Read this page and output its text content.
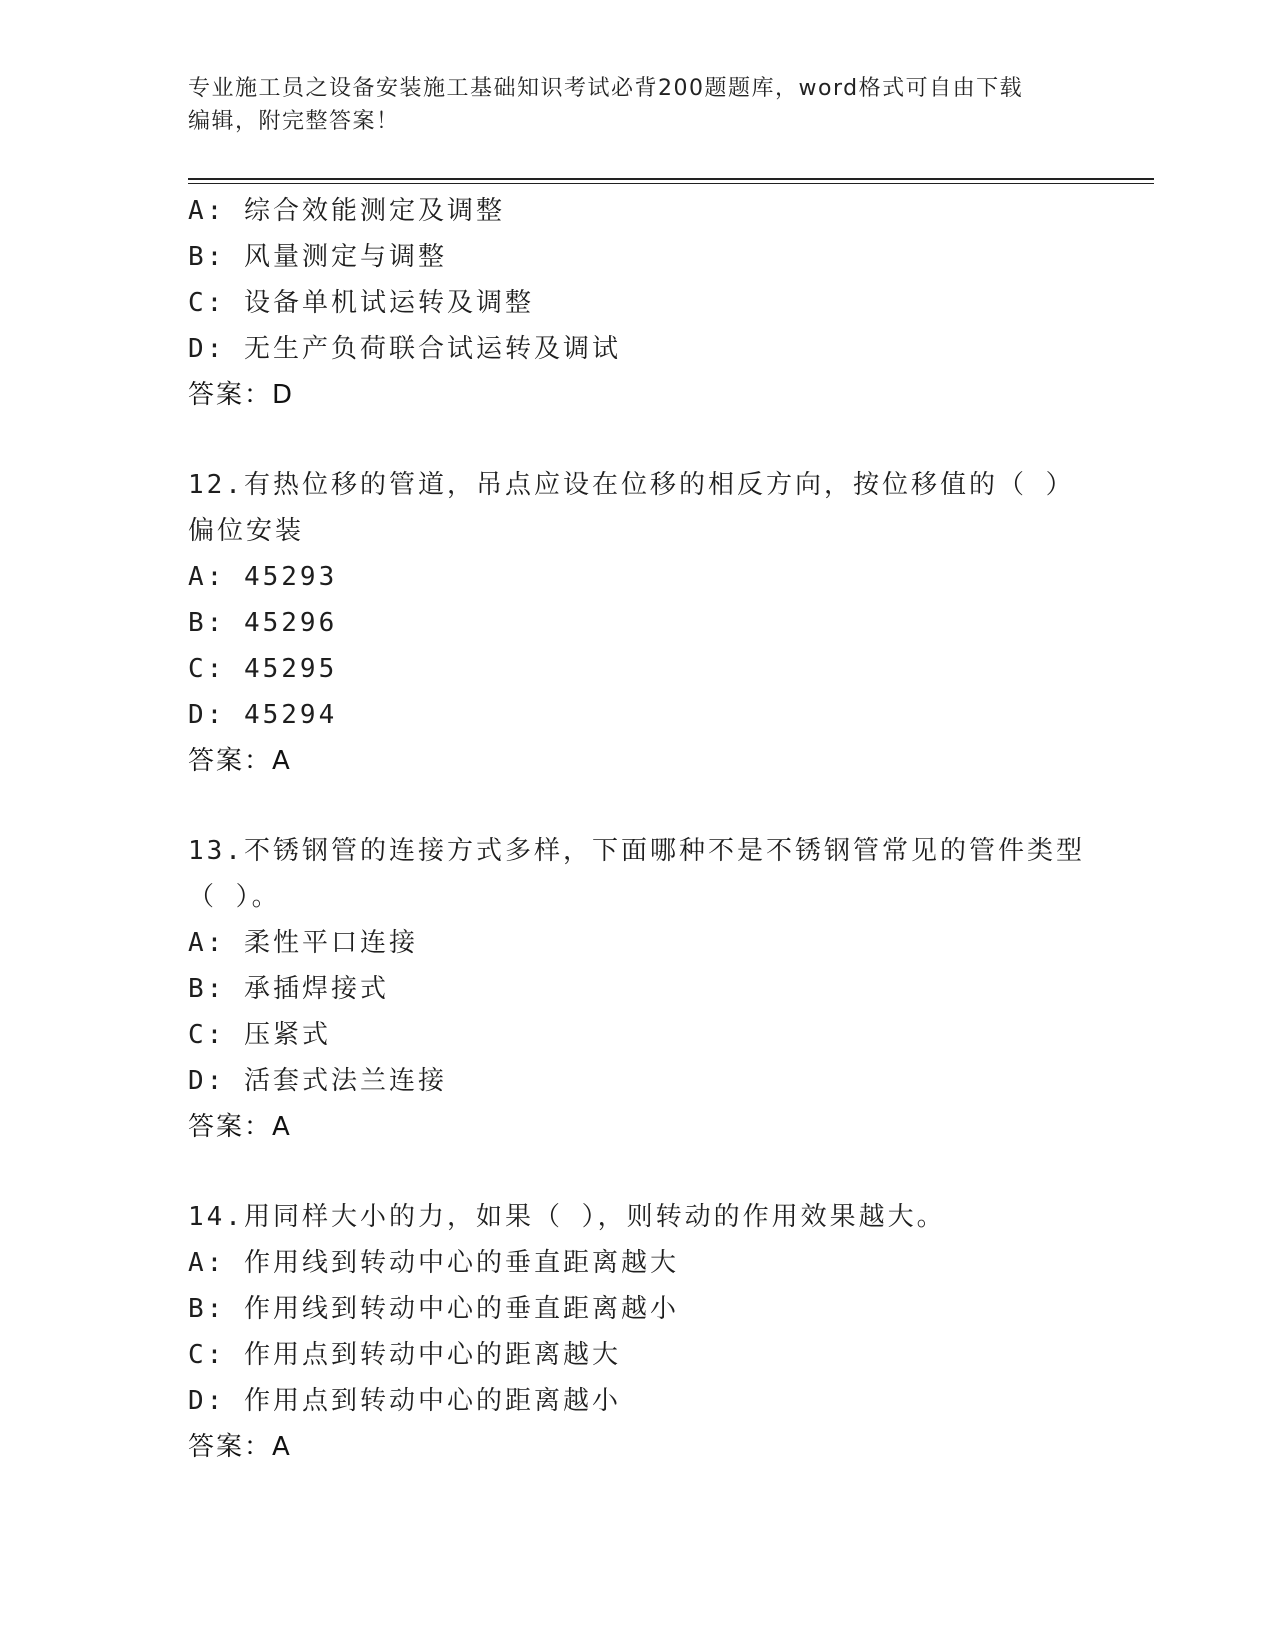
专业施工员之设备安装施工基础知识考试必背200题题库，word格式可自由下载
编辑，附完整答案！
A: 综合效能测定及调整
B: 风量测定与调整
C: 设备单机试运转及调整
D: 无生产负荷联合试运转及调试
答案：D
12.有热位移的管道，吊点应设在位移的相反方向，按位移值的（ ）
偏位安装
A: 45293
B: 45296
C: 45295
D: 45294
答案：A
13.不锈钢管的连接方式多样，下面哪种不是不锈钢管常见的管件类型
（ ）。
A: 柔性平口连接
B: 承插焊接式
C: 压紧式
D: 活套式法兰连接
答案：A
14.用同样大小的力，如果（ ），则转动的作用效果越大。
A: 作用线到转动中心的垂直距离越大
B: 作用线到转动中心的垂直距离越小
C: 作用点到转动中心的距离越大
D: 作用点到转动中心的距离越小
答案：A
